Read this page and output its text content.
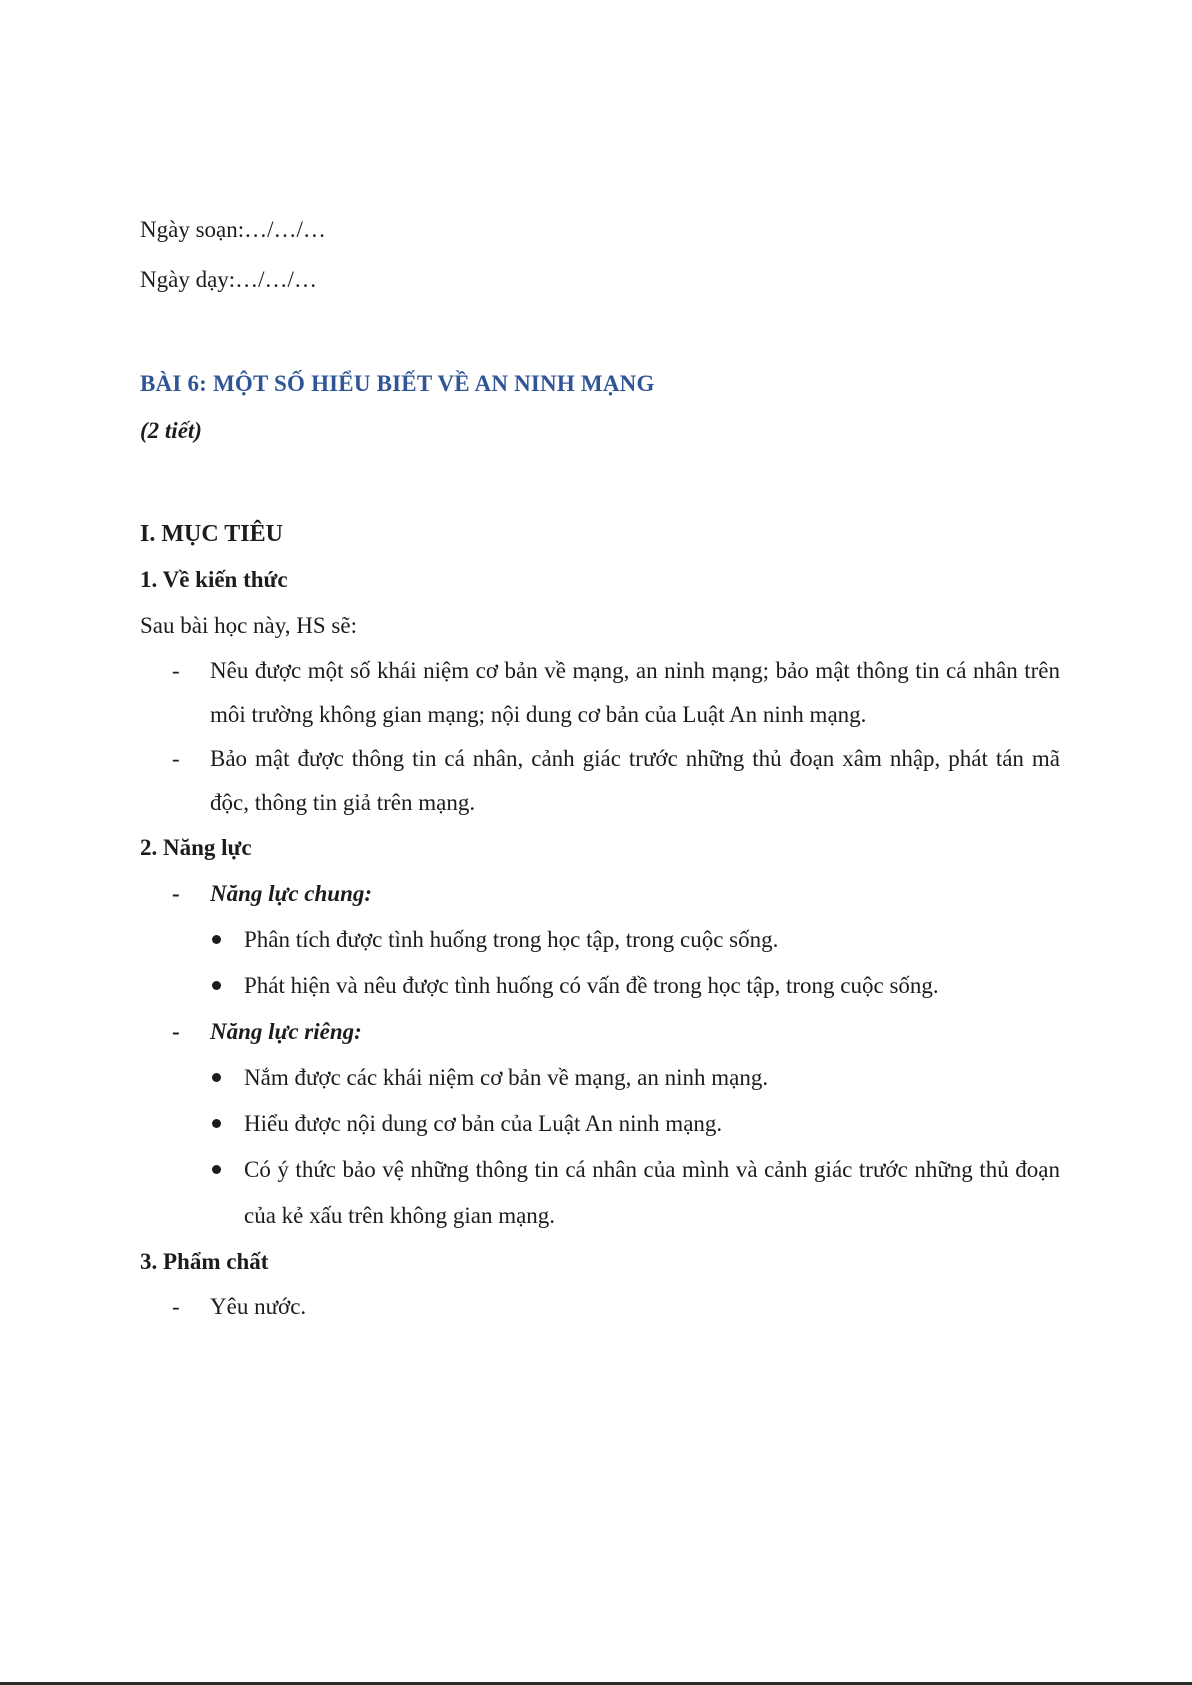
Ngày soạn:…/…/…
Ngày dạy:…/…/…
BÀI 6: MỘT SỐ HIỂU BIẾT VỀ AN NINH MẠNG
(2 tiết)
I. MỤC TIÊU
1. Về kiến thức
Sau bài học này, HS sẽ:
- Nêu được một số khái niệm cơ bản về mạng, an ninh mạng; bảo mật thông tin cá nhân trên môi trường không gian mạng; nội dung cơ bản của Luật An ninh mạng.
- Bảo mật được thông tin cá nhân, cảnh giác trước những thủ đoạn xâm nhập, phát tán mã độc, thông tin giả trên mạng.
2. Năng lực
- Năng lực chung:
Phân tích được tình huống trong học tập, trong cuộc sống.
Phát hiện và nêu được tình huống có vấn đề trong học tập, trong cuộc sống.
- Năng lực riêng:
Nắm được các khái niệm cơ bản về mạng, an ninh mạng.
Hiểu được nội dung cơ bản của Luật An ninh mạng.
Có ý thức bảo vệ những thông tin cá nhân của mình và cảnh giác trước những thủ đoạn của kẻ xấu trên không gian mạng.
3. Phẩm chất
- Yêu nước.
